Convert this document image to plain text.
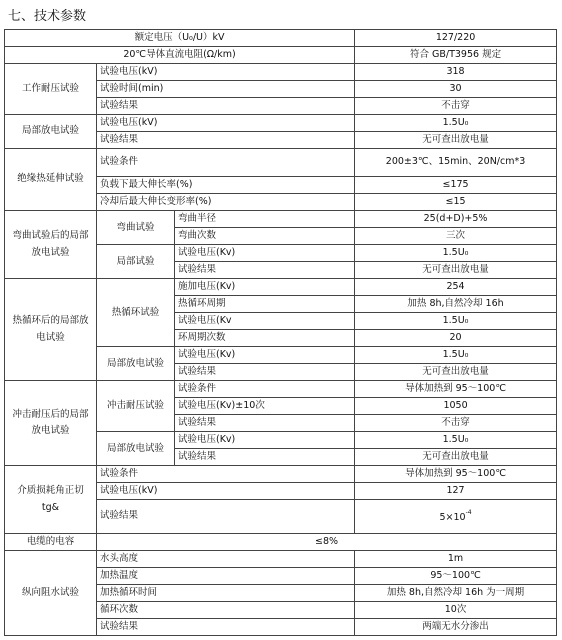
七、技术参数
额定电压（U₀/U）kV			127/220
20℃导体直流电阻(Ω/km)			符合 GB/T3956 规定
工作耐压试验	试验电压(kV)		318
	试验时间(min)		30
	试验结果		不击穿
局部放电试验	试验电压(kV)		1.5U₀
	试验结果		无可查出放电量
绝缘热延伸试验	试验条件		200±3℃、15min、20N/cm*3
	负载下最大伸长率(%)		≤175
	冷却后最大伸长变形率(%)		≤15
弯曲试验后的局部放电试验	弯曲试验	弯曲半径	25(d+D)+5%
		弯曲次数	三次
	局部试验	试验电压(Kv)	1.5U₀
		试验结果	无可查出放电量
热循环后的局部放电试验	热循环试验	施加电压(Kv)	254
		热循环周期	加热 8h,自然冷却 16h
		试验电压(Kv	1.5U₀
		环周期次数	20
	局部放电试验	试验电压(Kv)	1.5U₀
		试验结果	无可查出放电量
冲击耐压后的局部放电试验	冲击耐压试验	试验条件	导体加热到 95～100℃
		试验电压(Kv)±10次	1050
		试验结果	不击穿
	局部放电试验	试验电压(Kv)	1.5U₀
		试验结果	无可查出放电量
介质损耗角正切 tg&	试验条件		导体加热到 95～100℃
	试验电压(kV)		127
	试验结果		$5\times 10^{-4}$
电缆的电容	≤8%		
纵向阻水试验	水头高度		1m
	加热温度		95～100℃
	加热循环时间		加热 8h,自然冷却 16h 为一周期
	循环次数		10次
	试验结果		两端无水分渗出
